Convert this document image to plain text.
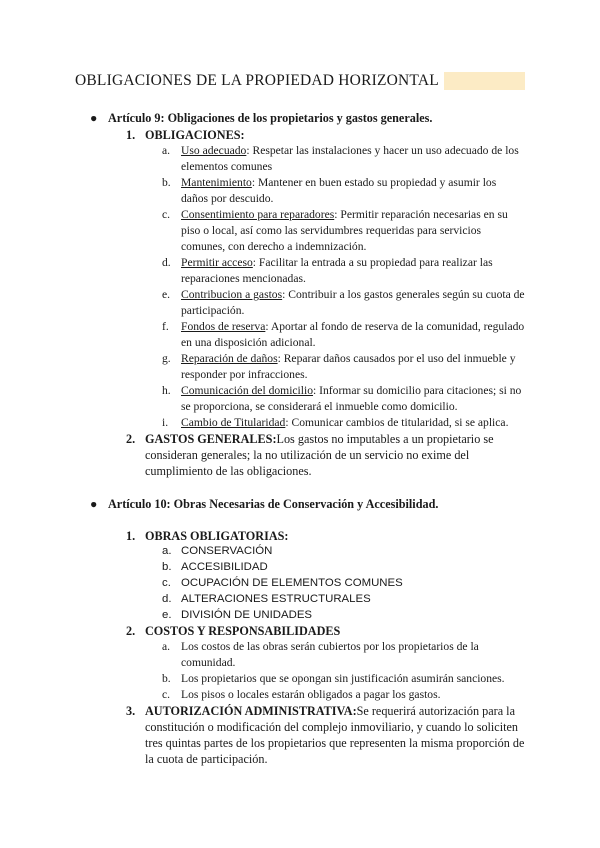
OBLIGACIONES DE LA PROPIEDAD HORIZONTAL
● Artículo 9: Obligaciones de los propietarios y gastos generales.
1. OBLIGACIONES:
a. Uso adecuado: Respetar las instalaciones y hacer un uso adecuado de los elementos comunes
b. Mantenimiento: Mantener en buen estado su propiedad y asumir los daños por descuido.
c. Consentimiento para reparadores: Permitir reparación necesarias en su piso o local, así como las servidumbres requeridas para servicios comunes, con derecho a indemnización.
d. Permitir acceso: Facilitar la entrada a su propiedad para realizar las reparaciones mencionadas.
e. Contribucion a gastos: Contribuir a los gastos generales según su cuota de participación.
f. Fondos de reserva: Aportar al fondo de reserva de la comunidad, regulado en una disposición adicional.
g. Reparación de daños: Reparar daños causados por el uso del inmueble y responder por infracciones.
h. Comunicación del domicilio: Informar su domicilio para citaciones; si no se proporciona, se considerará el inmueble como domicilio.
i. Cambio de Titularidad: Comunicar cambios de titularidad, si se aplica.
2. GASTOS GENERALES:Los gastos no imputables a un propietario se consideran generales; la no utilización de un servicio no exime del cumplimiento de las obligaciones.
● Artículo 10: Obras Necesarias de Conservación y Accesibilidad.
1. OBRAS OBLIGATORIAS:
a. CONSERVACIÓN
b. ACCESIBILIDAD
c. OCUPACIÓN DE ELEMENTOS COMUNES
d. ALTERACIONES ESTRUCTURALES
e. DIVISIÓN DE UNIDADES
2. COSTOS Y RESPONSABILIDADES
a. Los costos de las obras serán cubiertos por los propietarios de la comunidad.
b. Los propietarios que se opongan sin justificación asumirán sanciones.
c. Los pisos o locales estarán obligados a pagar los gastos.
3. AUTORIZACIÓN ADMINISTRATIVA:Se requerirá autorización para la constitución o modificación del complejo inmoviliario, y cuando lo soliciten tres quintas partes de los propietarios que representen la misma proporción de la cuota de participación.
